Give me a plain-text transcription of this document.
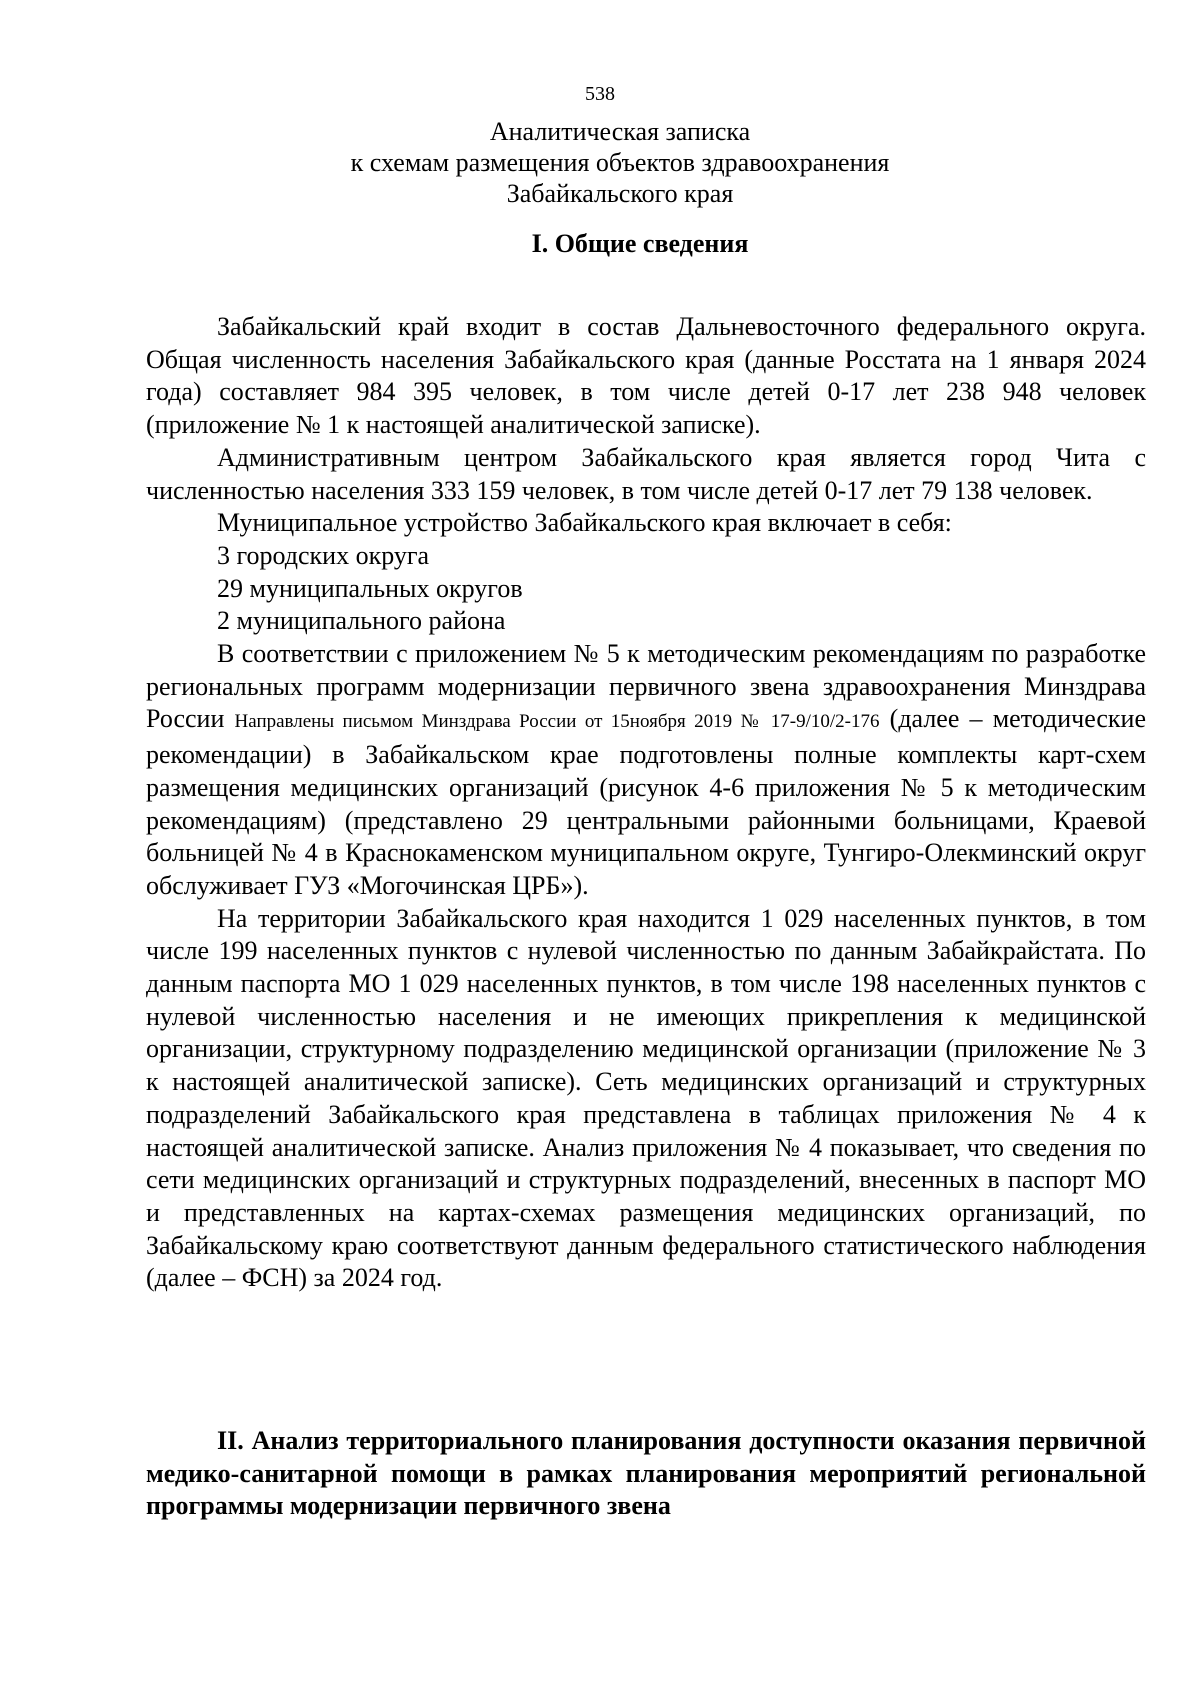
538
Аналитическая записка
к схемам размещения объектов здравоохранения
Забайкальского края
I. Общие сведения

Забайкальский край входит в состав Дальневосточного федерального округа. Общая численность населения Забайкальского края (данные Росстата на 1 января 2024 года) составляет 984 395 человек, в том числе детей 0-17 лет 238 948 человек (приложение № 1 к настоящей аналитической записке).

Административным центром Забайкальского края является город Чита с численностью населения 333 159 человек, в том числе детей 0-17 лет 79 138 человек.

Муниципальное устройство Забайкальского края включает в себя:

3 городских округа

29 муниципальных округов

2 муниципального района

В соответствии с приложением № 5 к методическим рекомендациям по разработке региональных программ модернизации первичного звена здравоохранения Минздрава России Направлены письмом Минздрава России от 15ноября 2019 № 17-9/10/2-176 (далее – методические рекомендации) в Забайкальском крае подготовлены полные комплекты карт-схем размещения медицинских организаций (рисунок 4-6 приложения № 5 к методическим рекомендациям) (представлено 29 центральными районными больницами, Краевой больницей № 4 в Краснокаменском муниципальном округе, Тунгиро-Олекминский округ обслуживает ГУЗ «Могочинская ЦРБ»).

На территории Забайкальского края находится 1 029 населенных пунктов, в том числе 199 населенных пунктов с нулевой численностью по данным Забайкрайстата. По данным паспорта МО 1 029 населенных пунктов, в том числе 198 населенных пунктов с нулевой численностью населения и не имеющих прикрепления к медицинской организации, структурному подразделению медицинской организации (приложение № 3 к настоящей аналитической записке). Сеть медицинских организаций и структурных подразделений Забайкальского края представлена в таблицах приложения № 4 к настоящей аналитической записке. Анализ приложения № 4 показывает, что сведения по сети медицинских организаций и структурных подразделений, внесенных в паспорт МО и представленных на картах-схемах размещения медицинских организаций, по Забайкальскому краю соответствуют данным федерального статистического наблюдения (далее – ФСН) за 2024 год.

II. Анализ территориального планирования доступности оказания первичной медико-санитарной помощи в рамках планирования мероприятий региональной программы модернизации первичного звена
